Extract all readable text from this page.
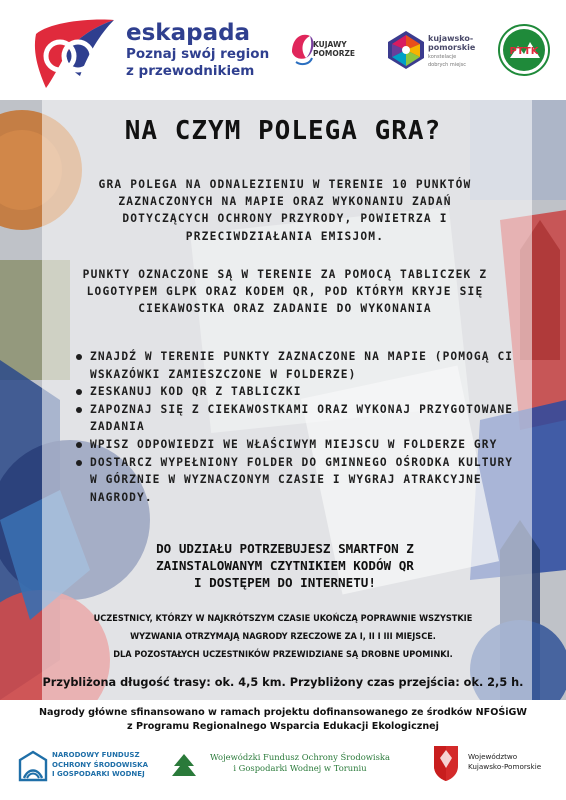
eskapada
Poznaj swój region
z przewodnikiem
KUJAWY
POMORZE
kujawsko-
pomorskie
konstelacje
dobrych miejsc
PTTK
NA CZYM POLEGA GRA?
GRA POLEGA NA ODNALEZIENIU W TERENIE 10 PUNKTÓW ZAZNACZONYCH NA MAPIE ORAZ WYKONANIU ZADAŃ DOTYCZĄCYCH OCHRONY PRZYRODY, POWIETRZA I PRZECIWDZIAŁANIA EMISJOM.
PUNKTY OZNACZONE SĄ W TERENIE ZA POMOCĄ TABLICZEK Z LOGOTYPEM GLPK ORAZ KODEM QR, POD KTÓRYM KRYJE SIĘ CIEKAWOSTKA ORAZ ZADANIE DO WYKONANIA
ZNAJDŹ W TERENIE PUNKTY ZAZNACZONE NA MAPIE (POMOGĄ CI WSKAZÓWKI ZAMIESZCZONE W FOLDERZE)
ZESKANUJ KOD QR Z TABLICZKI
ZAPOZNAJ SIĘ Z CIEKAWOSTKAMI ORAZ WYKONAJ PRZYGOTOWANE ZADANIA
WPISZ ODPOWIEDZI WE WŁAŚCIWYM MIEJSCU W FOLDERZE GRY
DOSTARCZ WYPEŁNIONY FOLDER DO GMINNEGO OŚRODKA KULTURY W GÓRZNIE W WYZNACZONYM CZASIE I WYGRAJ ATRAKCYJNE NAGRODY.
DO UDZIAŁU POTRZEBUJESZ SMARTFON Z
ZAINSTALOWANYM CZYTNIKIEM KODÓW QR
I DOSTĘPEM DO INTERNETU!
UCZESTNICY, KTÓRZY W NAJKRÓTSZYM CZASIE UKOŃCZĄ POPRAWNIE WSZYSTKIE
WYZWANIA OTRZYMAJĄ NAGRODY RZECZOWE ZA I, II I III MIEJSCE.
DLA POZOSTAŁYCH UCZESTNIKÓW PRZEWIDZIANE SĄ DROBNE UPOMINKI.
Przybliżona długość trasy: ok. 4,5 km. Przybliżony czas przejścia: ok. 2,5 h.
Nagrody główne sfinansowano w ramach projektu dofinansowanego ze środków NFOŚiGW
z Programu Regionalnego Wsparcia Edukacji Ekologicznej
NARODOWY FUNDUSZ
OCHRONY ŚRODOWISKA
I GOSPODARKI WODNEJ
Wojewódzki Fundusz Ochrony Środowiska
i Gospodarki Wodnej w Toruniu
Województwo
Kujawsko-Pomorskie
